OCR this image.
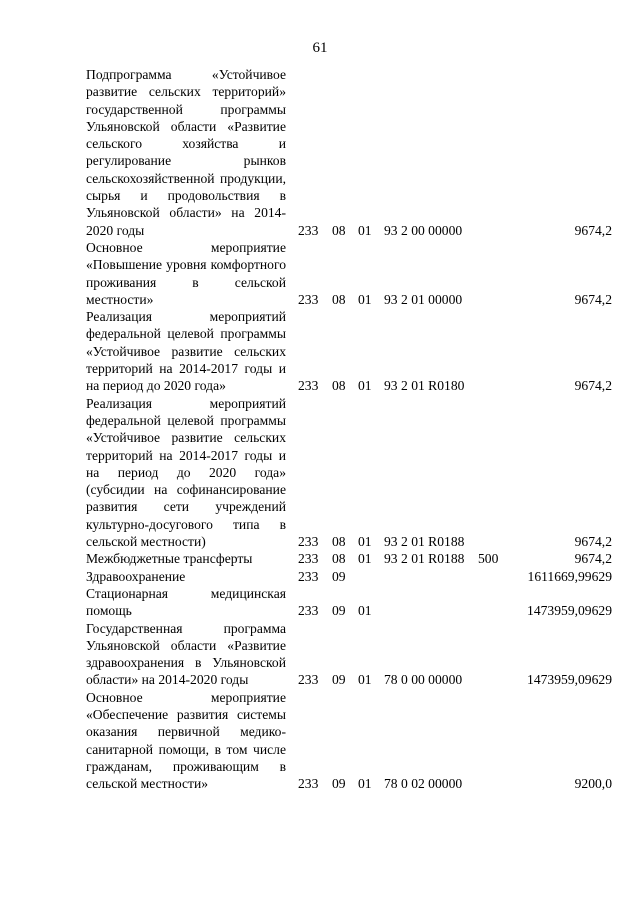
61
Подпрограмма «Устойчивое развитие сельских территорий» государственной программы Ульяновской области «Развитие сельского хозяйства и регулирование рынков сельскохозяйственной продукции, сырья и продовольствия в Ульяновской области» на 2014-2020 годы	233 08 01 93 2 00 00000	9674,2
Основное мероприятие «Повышение уровня комфортного проживания в сельской местности»	233 08 01 93 2 01 00000	9674,2
Реализация мероприятий федеральной целевой программы «Устойчивое развитие сельских территорий на 2014-2017 годы и на период до 2020 года»	233 08 01 93 2 01 R0180	9674,2
Реализация мероприятий федеральной целевой программы «Устойчивое развитие сельских территорий на 2014-2017 годы и на период до 2020 года» (субсидии на софинансирование развития сети учреждений культурно-досугового типа в сельской местности)	233 08 01 93 2 01 R0188	9674,2
Межбюджетные трансферты	233 08 01 93 2 01 R0188 500	9674,2
Здравоохранение	233 09	1611669,99629
Стационарная медицинская помощь	233 09 01	1473959,09629
Государственная программа Ульяновской области «Развитие здравоохранения в Ульяновской области» на 2014-2020 годы	233 09 01 78 0 00 00000	1473959,09629
Основное мероприятие «Обеспечение развития системы оказания первичной медико-санитарной помощи, в том числе гражданам, проживающим в сельской местности»	233 09 01 78 0 02 00000	9200,0
